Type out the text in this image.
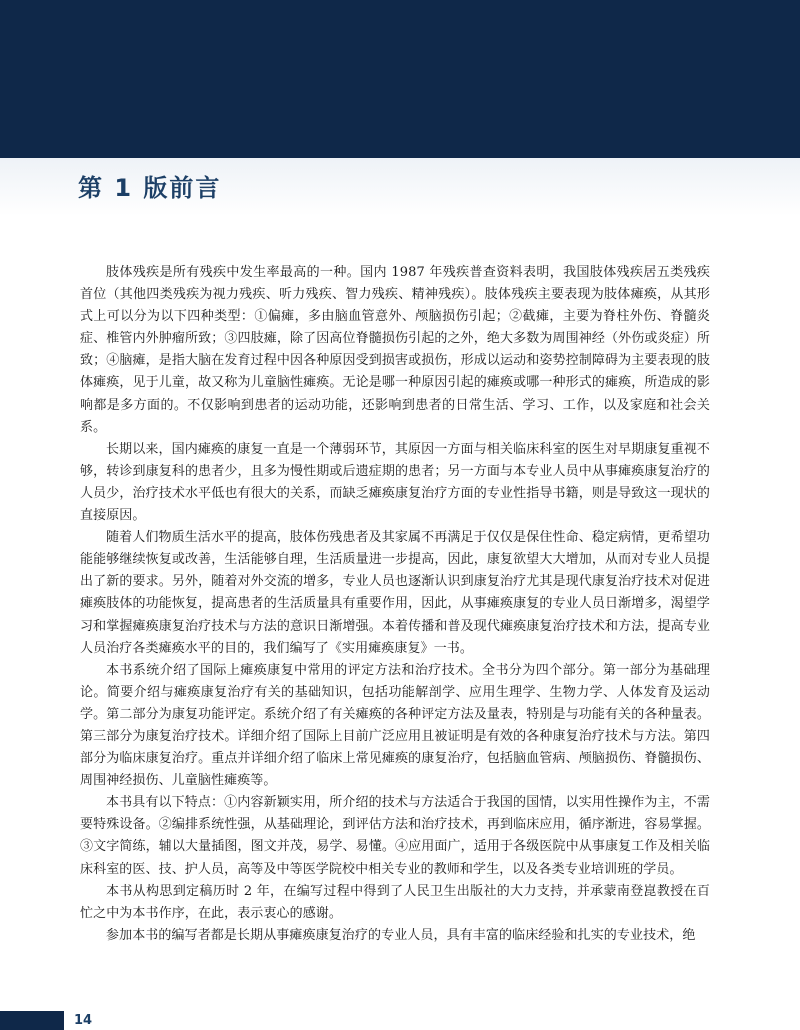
第 1 版前言

肢体残疾是所有残疾中发生率最高的一种。国内 1987 年残疾普查资料表明，我国肢体残疾居五类残疾首位（其他四类残疾为视力残疾、听力残疾、智力残疾、精神残疾）。肢体残疾主要表现为肢体瘫痪，从其形式上可以分为以下四种类型：①偏瘫，多由脑血管意外、颅脑损伤引起；②截瘫，主要为脊柱外伤、脊髓炎症、椎管内外肿瘤所致；③四肢瘫，除了因高位脊髓损伤引起的之外，绝大多数为周围神经（外伤或炎症）所致；④脑瘫，是指大脑在发育过程中因各种原因受到损害或损伤，形成以运动和姿势控制障碍为主要表现的肢体瘫痪，见于儿童，故又称为儿童脑性瘫痪。无论是哪一种原因引起的瘫痪或哪一种形式的瘫痪，所造成的影响都是多方面的。不仅影响到患者的运动功能，还影响到患者的日常生活、学习、工作，以及家庭和社会关系。

长期以来，国内瘫痪的康复一直是一个薄弱环节，其原因一方面与相关临床科室的医生对早期康复重视不够，转诊到康复科的患者少，且多为慢性期或后遗症期的患者；另一方面与本专业人员中从事瘫痪康复治疗的人员少，治疗技术水平低也有很大的关系，而缺乏瘫痪康复治疗方面的专业性指导书籍，则是导致这一现状的直接原因。

随着人们物质生活水平的提高，肢体伤残患者及其家属不再满足于仅仅是保住性命、稳定病情，更希望功能能够继续恢复或改善，生活能够自理，生活质量进一步提高，因此，康复欲望大大增加，从而对专业人员提出了新的要求。另外，随着对外交流的增多，专业人员也逐渐认识到康复治疗尤其是现代康复治疗技术对促进瘫痪肢体的功能恢复，提高患者的生活质量具有重要作用，因此，从事瘫痪康复的专业人员日渐增多，渴望学习和掌握瘫痪康复治疗技术与方法的意识日渐增强。本着传播和普及现代瘫痪康复治疗技术和方法，提高专业人员治疗各类瘫痪水平的目的，我们编写了《实用瘫痪康复》一书。

本书系统介绍了国际上瘫痪康复中常用的评定方法和治疗技术。全书分为四个部分。第一部分为基础理论。简要介绍与瘫痪康复治疗有关的基础知识，包括功能解剖学、应用生理学、生物力学、人体发育及运动学。第二部分为康复功能评定。系统介绍了有关瘫痪的各种评定方法及量表，特别是与功能有关的各种量表。第三部分为康复治疗技术。详细介绍了国际上目前广泛应用且被证明是有效的各种康复治疗技术与方法。第四部分为临床康复治疗。重点并详细介绍了临床上常见瘫痪的康复治疗，包括脑血管病、颅脑损伤、脊髓损伤、周围神经损伤、儿童脑性瘫痪等。

本书具有以下特点：①内容新颖实用，所介绍的技术与方法适合于我国的国情，以实用性操作为主，不需要特殊设备。②编排系统性强，从基础理论，到评估方法和治疗技术，再到临床应用，循序渐进，容易掌握。③文字简练，辅以大量插图，图文并茂，易学、易懂。④应用面广，适用于各级医院中从事康复工作及相关临床科室的医、技、护人员，高等及中等医学院校中相关专业的教师和学生，以及各类专业培训班的学员。

本书从构思到定稿历时 2 年，在编写过程中得到了人民卫生出版社的大力支持，并承蒙南登崑教授在百忙之中为本书作序，在此，表示衷心的感谢。

参加本书的编写者都是长期从事瘫痪康复治疗的专业人员，具有丰富的临床经验和扎实的专业技术，绝

14
